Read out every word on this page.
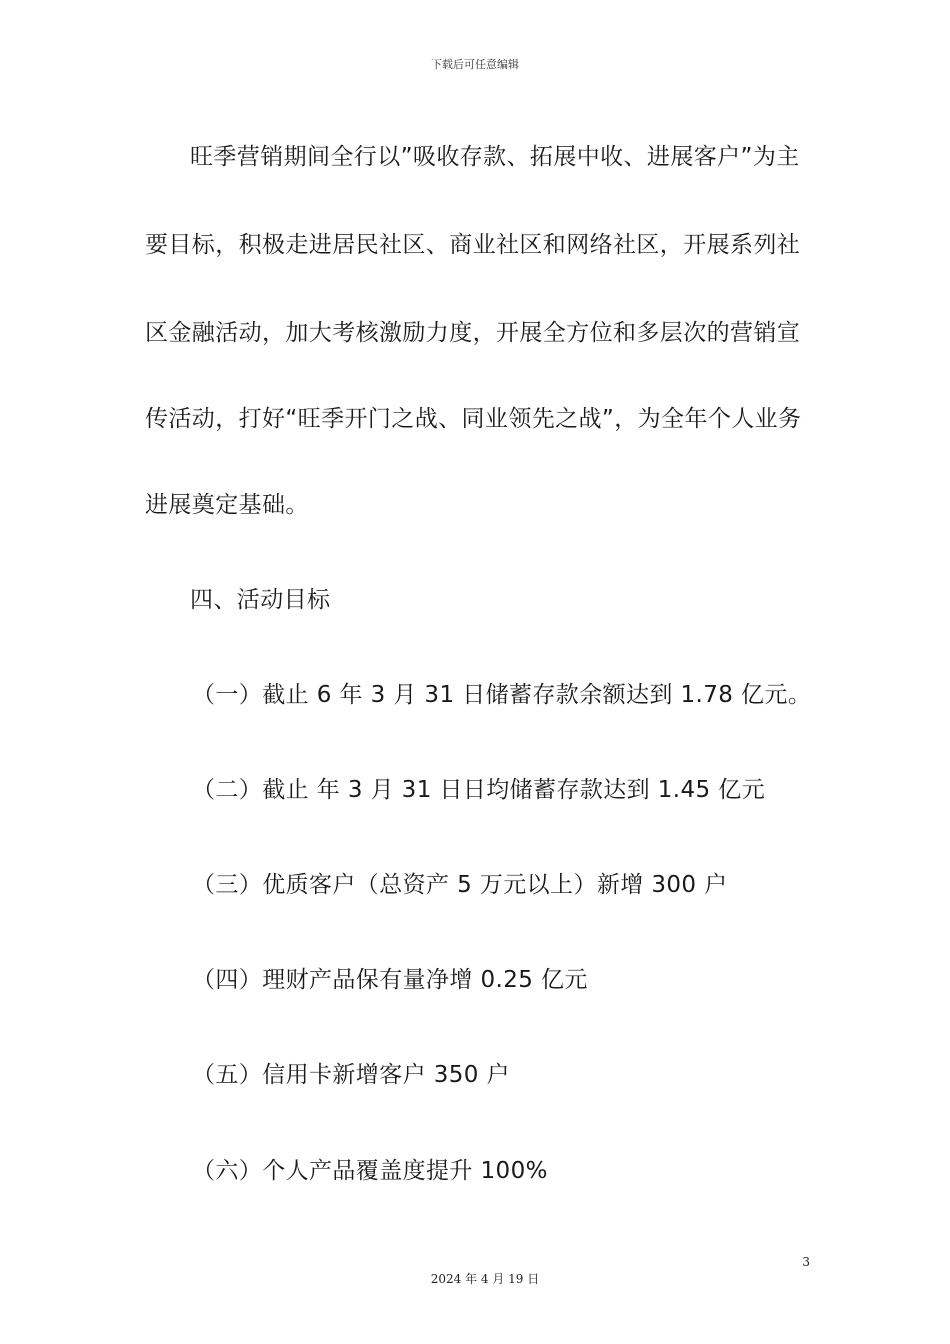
下载后可任意编辑
旺季营销期间全行以”吸收存款、拓展中收、进展客户”为主
要目标，积极走进居民社区、商业社区和网络社区，开展系列社
区金融活动，加大考核激励力度，开展全方位和多层次的营销宣
传活动，打好“旺季开门之战、同业领先之战”，为全年个人业务
进展奠定基础。
四、活动目标
（一）截止 6 年 3 月 31 日储蓄存款余额达到 1.78 亿元。
（二）截止 年 3 月 31 日日均储蓄存款达到 1.45 亿元
（三）优质客户（总资产 5 万元以上）新增 300 户
（四）理财产品保有量净增 0.25 亿元
（五）信用卡新增客户 350 户
（六）个人产品覆盖度提升 100%
3
2024 年 4 月 19 日
